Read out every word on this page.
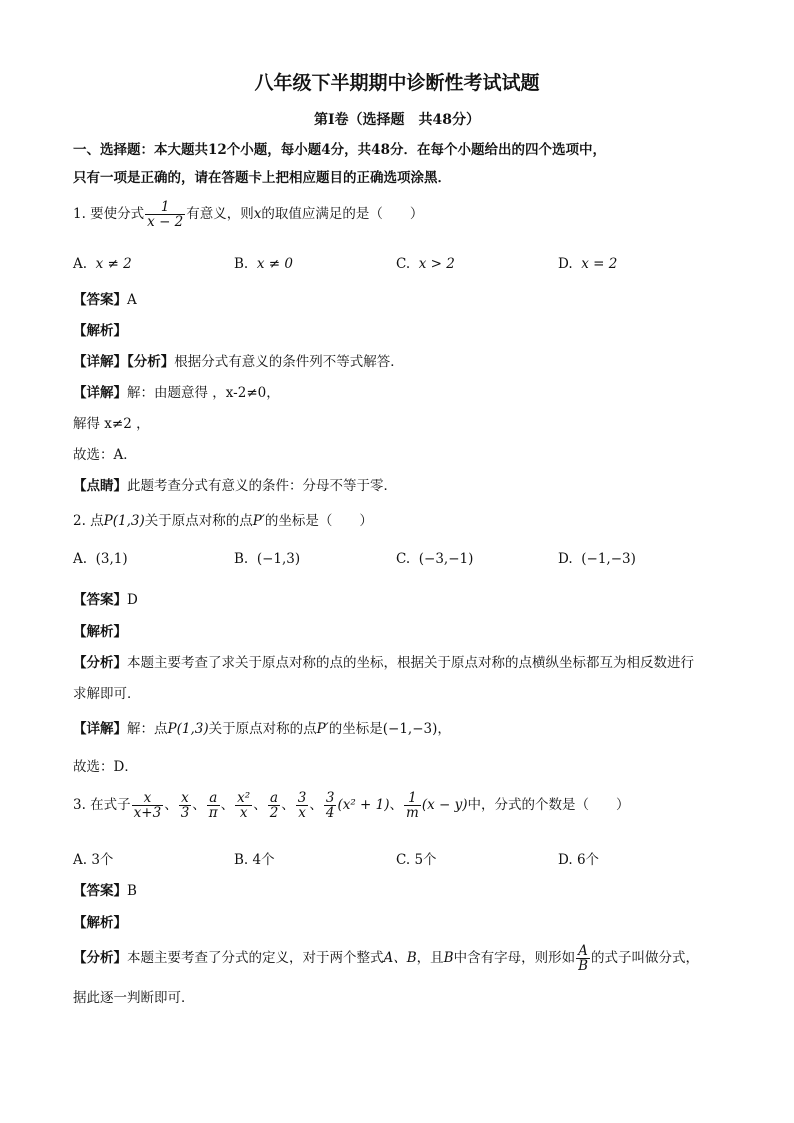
八年级下半期期中诊断性考试试题
第Ⅰ卷（选择题　共48分）
一、选择题：本大题共12个小题，每小题4分，共48分．在每个小题给出的四个选项中，
只有一项是正确的，请在答题卡上把相应题目的正确选项涂黑．
1. 要使分式 $\frac{1}{x - 2}$ 有意义，则x的取值应满足的是（　　）
A. x ≠ 2	B. x ≠ 0	C. x > 2	D. x = 2
【答案】A
【解析】
【详解】【分析】根据分式有意义的条件列不等式解答．
【详解】解：由题意得 ，x-2≠0，
解得 x≠2 ，
故选：A．
【点睛】此题考查分式有意义的条件：分母不等于零．
2. 点P(1,3)关于原点对称的点P′的坐标是（　　）
A. (3,1)	B. (−1,3)	C. (−3,−1)	D. (−1,−3)
【答案】D
【解析】
【分析】本题主要考查了求关于原点对称的点的坐标，根据关于原点对称的点横纵坐标都互为相反数进行
求解即可．
【详解】解：点P(1,3)关于原点对称的点P′的坐标是(−1,−3)，
故选：D．
3. 在式子 $\frac{x}{x+3}$ 、 $\frac{x}{3}$ 、 $\frac{a}{\pi}$ 、 $\frac{\text{x²}}{x}$ 、 $\frac{a}{2}$ 、 $\frac{3}{x}$ 、 $\frac{3}{4} (x^2 + 1)$、 $\frac{1}{m} (x - y)$中，分式的个数是（　　）
A. 3个	B. 4个	C. 5个	D. 6个
【答案】B
【解析】
【分析】本题主要考查了分式的定义，对于两个整式A、B，且B中含有字母，则形如 $\frac{A}{B}$ 的式子叫做分式，
据此逐一判断即可．
